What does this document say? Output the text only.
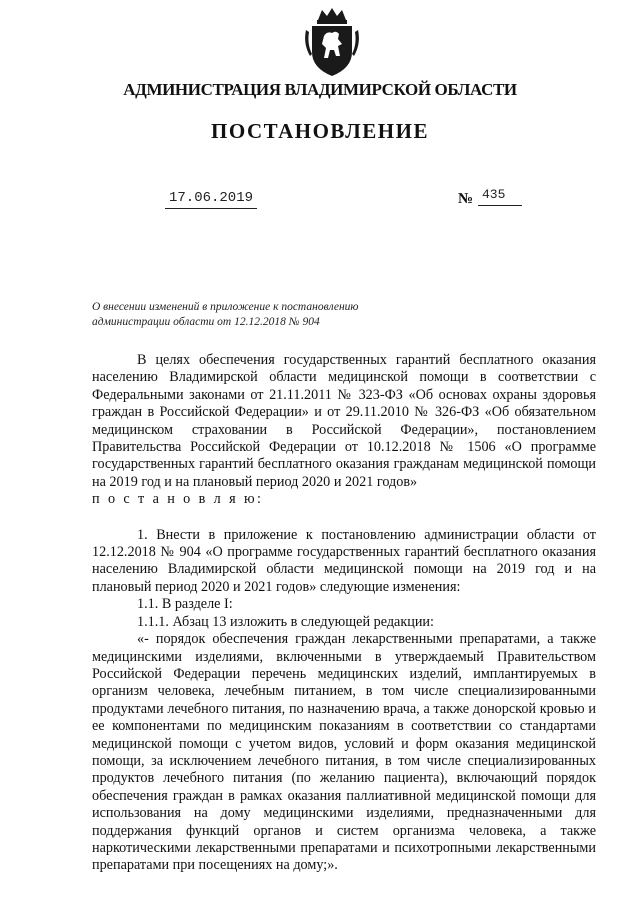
АДМИНИСТРАЦИЯ ВЛАДИМИРСКОЙ ОБЛАСТИ
ПОСТАНОВЛЕНИЕ
17.06.2019	№ 435
О внесении изменений в приложение к постановлению
администрации области от 12.12.2018 № 904

В целях обеспечения государственных гарантий бесплатного оказания населению Владимирской области медицинской помощи в соответствии с Федеральными законами от 21.11.2011 № 323-ФЗ «Об основах охраны здоровья граждан в Российской Федерации» и от 29.11.2010 № 326-ФЗ «Об обязательном медицинском страховании в Российской Федерации», постановлением Правительства Российской Федерации от 10.12.2018 № 1506 «О программе государственных гарантий бесплатного оказания гражданам медицинской помощи на 2019 год и на плановый период 2020 и 2021 годов»

п о с т а н о в л я ю:

1. Внести в приложение к постановлению администрации области от 12.12.2018 № 904 «О программе государственных гарантий бесплатного оказания населению Владимирской области медицинской помощи на 2019 год и на плановый период 2020 и 2021 годов» следующие изменения:

1.1. В разделе I:

1.1.1. Абзац 13 изложить в следующей редакции:

«- порядок обеспечения граждан лекарственными препаратами, а также медицинскими изделиями, включенными в утверждаемый Правительством Российской Федерации перечень медицинских изделий, имплантируемых в организм человека, лечебным питанием, в том числе специализированными продуктами лечебного питания, по назначению врача, а также донорской кровью и ее компонентами по медицинским показаниям в соответствии со стандартами медицинской помощи с учетом видов, условий и форм оказания медицинской помощи, за исключением лечебного питания, в том числе специализированных продуктов лечебного питания (по желанию пациента), включающий порядок обеспечения граждан в рамках оказания паллиативной медицинской помощи для использования на дому медицинскими изделиями, предназначенными для поддержания функций органов и систем организма человека, а также наркотическими лекарственными препаратами и психотропными лекарственными препаратами при посещениях на дому;».
